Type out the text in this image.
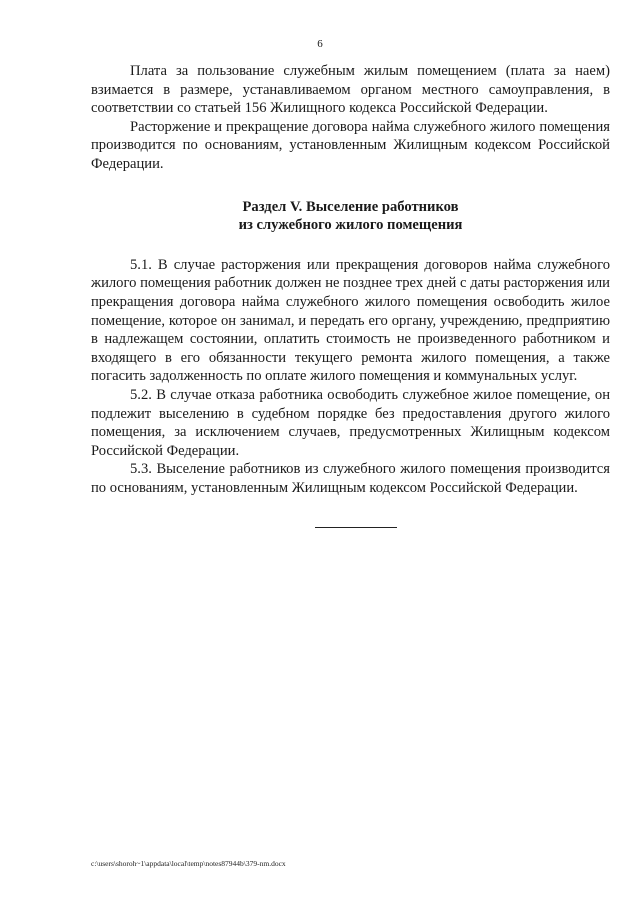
6

Плата за пользование служебным жилым помещением (плата за наем) взимается в размере, устанавливаемом органом местного самоуправления, в соответствии со статьей 156 Жилищного кодекса Российской Федерации.

Расторжение и прекращение договора найма служебного жилого помещения производится по основаниям, установленным Жилищным кодексом Российской Федерации.

Раздел V. Выселение работников
из служебного жилого помещения

5.1. В случае расторжения или прекращения договоров найма служебного жилого помещения работник должен не позднее трех дней с даты расторжения или прекращения договора найма служебного жилого помещения освободить жилое помещение, которое он занимал, и передать его органу, учреждению, предприятию в надлежащем состоянии, оплатить стоимость не произведенного работником и входящего в его обязанности текущего ремонта жилого помещения, а также погасить задолженность по оплате жилого помещения и коммунальных услуг.

5.2. В случае отказа работника освободить служебное жилое помещение, он подлежит выселению в судебном порядке без предоставления другого жилого помещения, за исключением случаев, предусмотренных Жилищным кодексом Российской Федерации.

5.3. Выселение работников из служебного жилого помещения производится по основаниям, установленным Жилищным кодексом Российской Федерации.

c:\users\shoroh~1\appdata\local\temp\notes87944b\379-nm.docx
